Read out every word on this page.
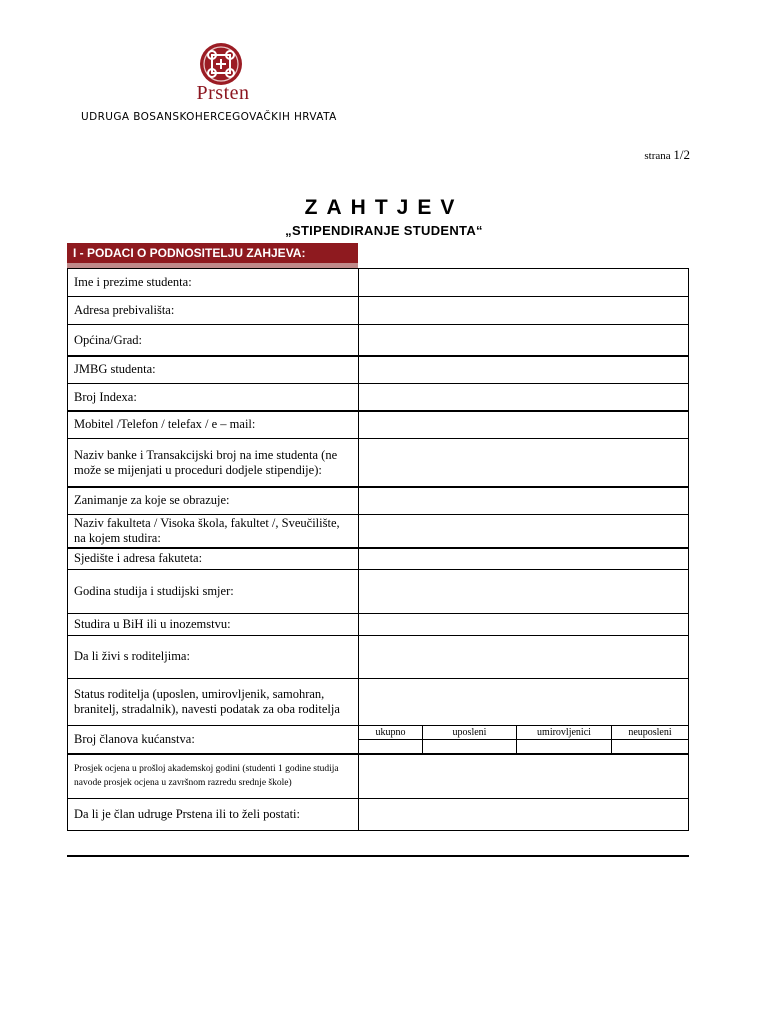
Prsten
UDRUGA BOSANSKOHERCEGOVAČKIH HRVATA
strana 1/2
ZAHTJEV
„STIPENDIRANJE STUDENTA“
I - PODACI O PODNOSITELJU ZAHJEVA:
Ime i prezime studenta:
Adresa prebivališta:
Općina/Grad:
JMBG studenta:
Broj Indexa:
Mobitel /Telefon / telefax / e – mail:
Naziv banke i Transakcijski broj na ime studenta (ne može se mijenjati u proceduri dodjele stipendije):
Zanimanje za koje se obrazuje:
Naziv fakulteta / Visoka škola, fakultet /, Sveučilište, na kojem studira:
Sjedište i adresa fakuteta:
Godina studija i studijski smjer:
Studira u BiH ili u inozemstvu:
Da li živi s roditeljima:
Status roditelja (uposlen, umirovljenik, samohran, branitelj, stradalnik), navesti podatak za oba roditelja
Broj članova kućanstva:	ukupno	uposleni	umirovljenici	neuposleni
Prosjek ocjena u prošloj akademskoj godini (studenti 1 godine studija navode prosjek ocjena u završnom razredu srednje škole)
Da li je član udruge Prstena ili to želi postati:
